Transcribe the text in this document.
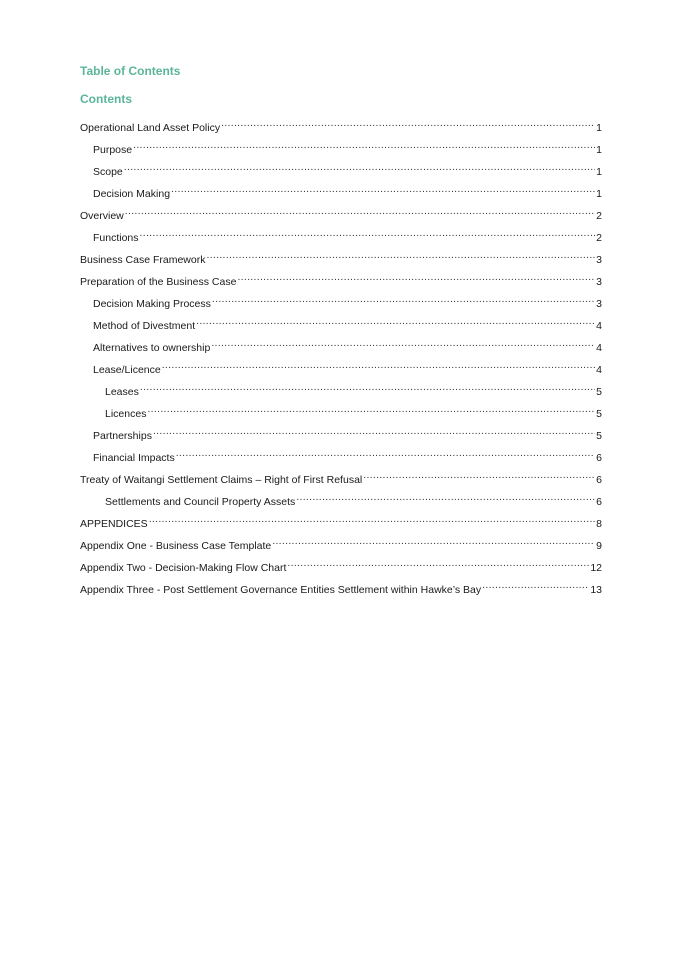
Table of Contents
Contents
Operational Land Asset Policy .....	1
Purpose .....	1
Scope .....	1
Decision Making .....	1
Overview .....	2
Functions .....	2
Business Case Framework .....	3
Preparation of the Business Case .....	3
Decision Making Process .....	3
Method of Divestment .....	4
Alternatives to ownership .....	4
Lease/Licence .....	4
Leases .....	5
Licences .....	5
Partnerships .....	5
Financial Impacts .....	6
Treaty of Waitangi Settlement Claims – Right of First Refusal .....	6
Settlements and Council Property Assets .....	6
APPENDICES .....	8
Appendix One - Business Case Template .....	9
Appendix Two - Decision-Making Flow Chart .....	12
Appendix Three - Post Settlement Governance Entities Settlement within Hawke’s Bay .....	13
